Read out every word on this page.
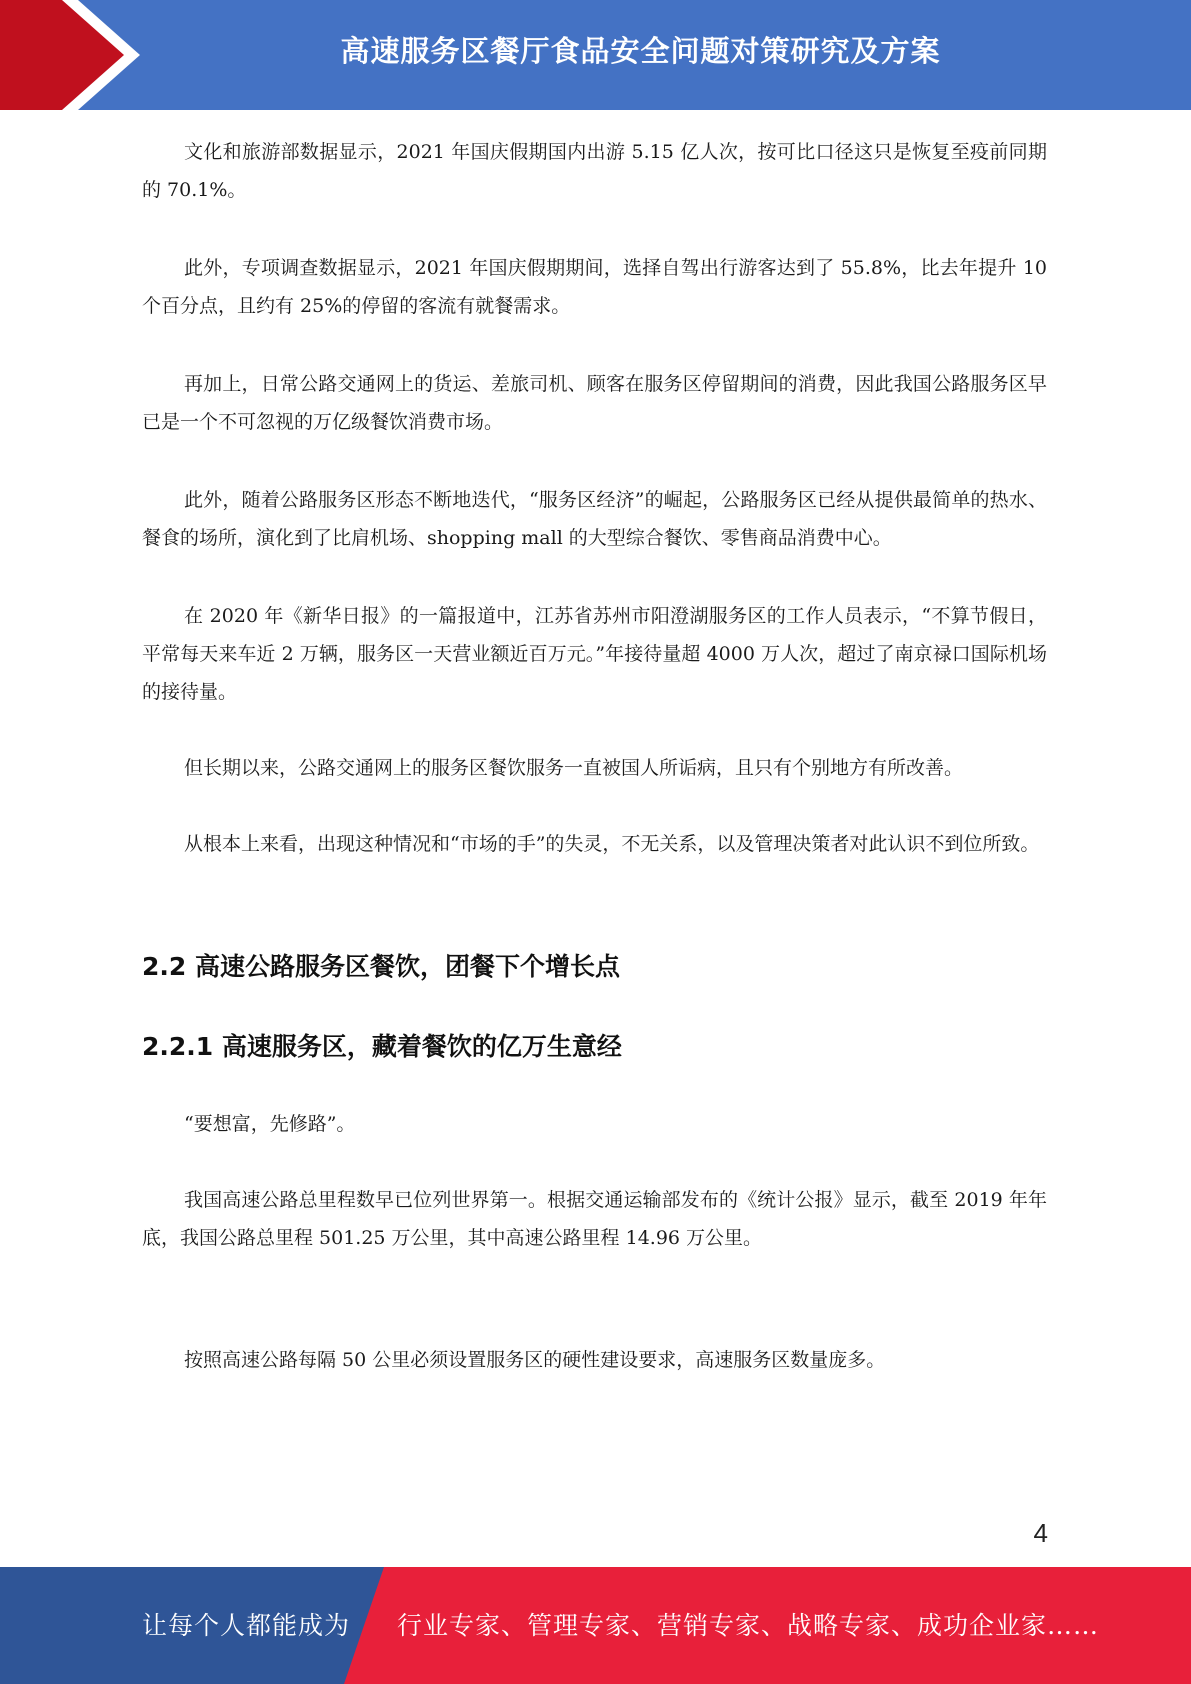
高速服务区餐厅食品安全问题对策研究及方案

文化和旅游部数据显示，2021 年国庆假期国内出游 5.15 亿人次，按可比口径这只是恢复至疫前同期的 70.1%。

此外，专项调查数据显示，2021 年国庆假期期间，选择自驾出行游客达到了 55.8%，比去年提升 10 个百分点，且约有 25%的停留的客流有就餐需求。

再加上，日常公路交通网上的货运、差旅司机、顾客在服务区停留期间的消费，因此我国公路服务区早已是一个不可忽视的万亿级餐饮消费市场。

此外，随着公路服务区形态不断地迭代，“服务区经济”的崛起，公路服务区已经从提供最简单的热水、餐食的场所，演化到了比肩机场、shopping mall 的大型综合餐饮、零售商品消费中心。

在 2020 年《新华日报》的一篇报道中，江苏省苏州市阳澄湖服务区的工作人员表示，“不算节假日，平常每天来车近 2 万辆，服务区一天营业额近百万元。”年接待量超 4000 万人次，超过了南京禄口国际机场的接待量。

但长期以来，公路交通网上的服务区餐饮服务一直被国人所诟病，且只有个别地方有所改善。

从根本上来看，出现这种情况和“市场的手”的失灵，不无关系，以及管理决策者对此认识不到位所致。

2.2 高速公路服务区餐饮，团餐下个增长点
2.2.1 高速服务区，藏着餐饮的亿万生意经

“要想富，先修路”。

我国高速公路总里程数早已位列世界第一。根据交通运输部发布的《统计公报》显示，截至 2019 年年底，我国公路总里程 501.25 万公里，其中高速公路里程 14.96 万公里。

按照高速公路每隔 50 公里必须设置服务区的硬性建设要求，高速服务区数量庞多。

4
让每个人都能成为 行业专家、管理专家、营销专家、战略专家、成功企业家……
